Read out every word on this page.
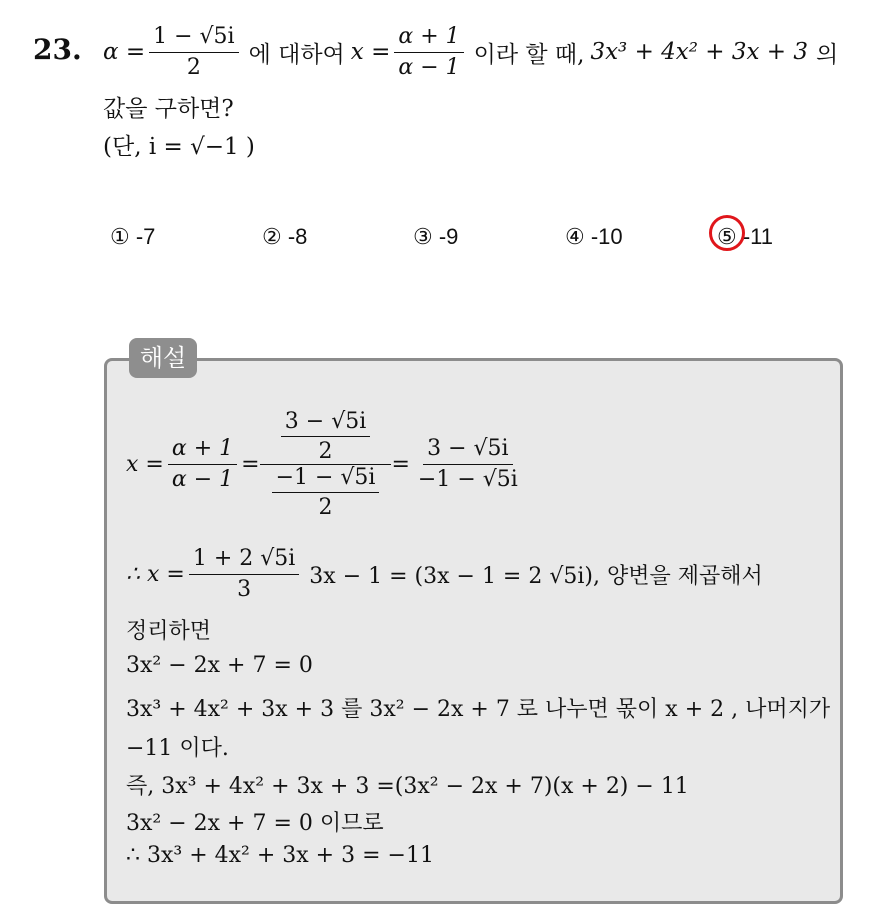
23. $\alpha = \frac{1 - √5i}{2}$ 에 대하여 $x = \frac{\alpha + 1}{\alpha - 1}$ 이라 할 때, 3x³ + 4x² + 3x + 3 의
값을 구하면?
(단, i = √−1 )
① -7	② -8	③ -9	④ -10	⑤ -11
해설
$x = \frac{\alpha + 1}{\alpha - 1} = \frac{\frac{3 - √5i}{2}}{\frac{-1 - √5i}{2}} = \frac{3 - √5i}{-1 - √5i}$
∴ $x = \frac{1 + 2 √5i}{3} 3x - 1 = (3x - 1 = 2$ √5i), 양변을 제곱해서
정리하면
3x² − 2x + 7 = 0
3x³ + 4x² + 3x + 3 를 3x² − 2x + 7 로 나누면 몫이 x + 2 , 나머지가
−11 이다.
즉, 3x³ + 4x² + 3x + 3 =(3x² − 2x + 7)(x + 2) − 11
3x² − 2x + 7 = 0 이므로
∴ 3x³ + 4x² + 3x + 3 = −11
